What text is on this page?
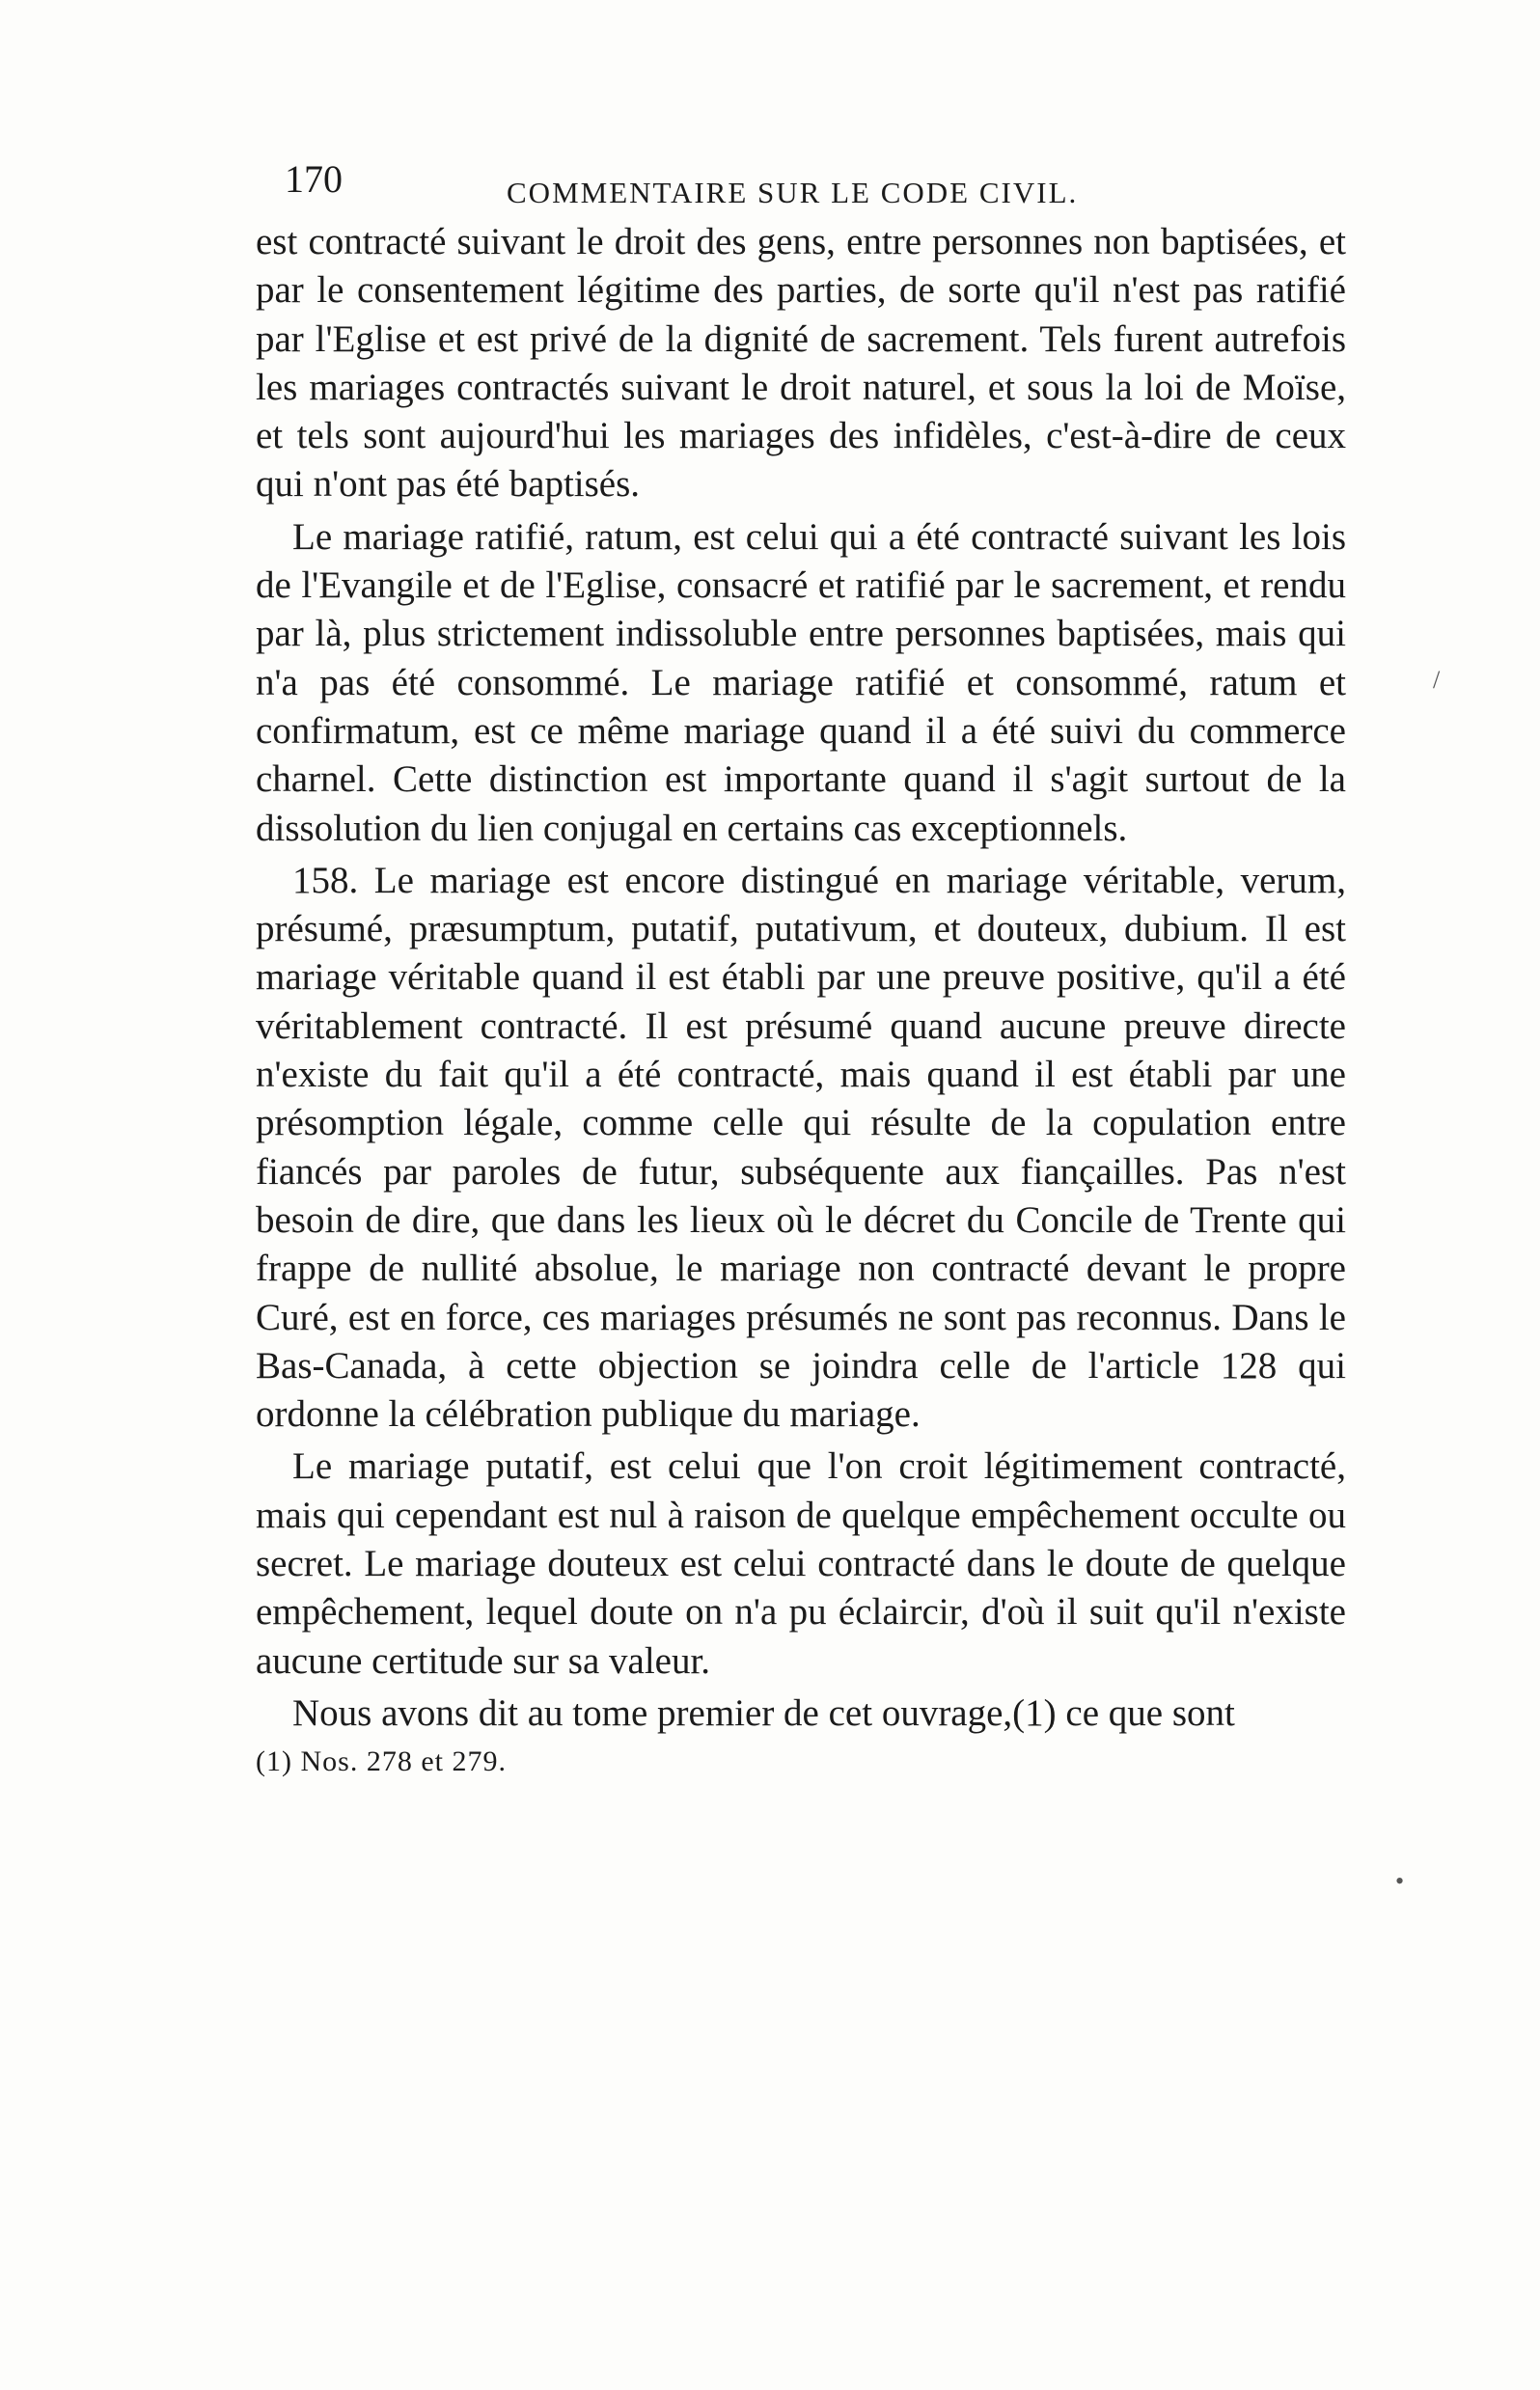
170	COMMENTAIRE SUR LE CODE CIVIL.

est contracté suivant le droit des gens, entre personnes non baptisées, et par le consentement légitime des parties, de sorte qu'il n'est pas ratifié par l'Eglise et est privé de la dignité de sacrement. Tels furent autrefois les mariages contractés suivant le droit naturel, et sous la loi de Moïse, et tels sont aujourd'hui les mariages des infidèles, c'est-à-dire de ceux qui n'ont pas été baptisés.

Le mariage ratifié, ratum, est celui qui a été contracté suivant les lois de l'Evangile et de l'Eglise, consacré et ratifié par le sacrement, et rendu par là, plus strictement indissoluble entre personnes baptisées, mais qui n'a pas été consommé. Le mariage ratifié et consommé, ratum et confirmatum, est ce même mariage quand il a été suivi du commerce charnel. Cette distinction est importante quand il s'agit surtout de la dissolution du lien conjugal en certains cas exceptionnels.

158. Le mariage est encore distingué en mariage véritable, verum, présumé, præsumptum, putatif, putativum, et douteux, dubium. Il est mariage véritable quand il est établi par une preuve positive, qu'il a été véritablement contracté. Il est présumé quand aucune preuve directe n'existe du fait qu'il a été contracté, mais quand il est établi par une présomption légale, comme celle qui résulte de la copulation entre fiancés par paroles de futur, subséquente aux fiançailles. Pas n'est besoin de dire, que dans les lieux où le décret du Concile de Trente qui frappe de nullité absolue, le mariage non contracté devant le propre Curé, est en force, ces mariages présumés ne sont pas reconnus. Dans le Bas-Canada, à cette objection se joindra celle de l'article 128 qui ordonne la célébration publique du mariage.

Le mariage putatif, est celui que l'on croit légitimement contracté, mais qui cependant est nul à raison de quelque empêchement occulte ou secret. Le mariage douteux est celui contracté dans le doute de quelque empêchement, lequel doute on n'a pu éclaircir, d'où il suit qu'il n'existe aucune certitude sur sa valeur.

Nous avons dit au tome premier de cet ouvrage,(1) ce que sont

(1) Nos. 278 et 279.
/
•
